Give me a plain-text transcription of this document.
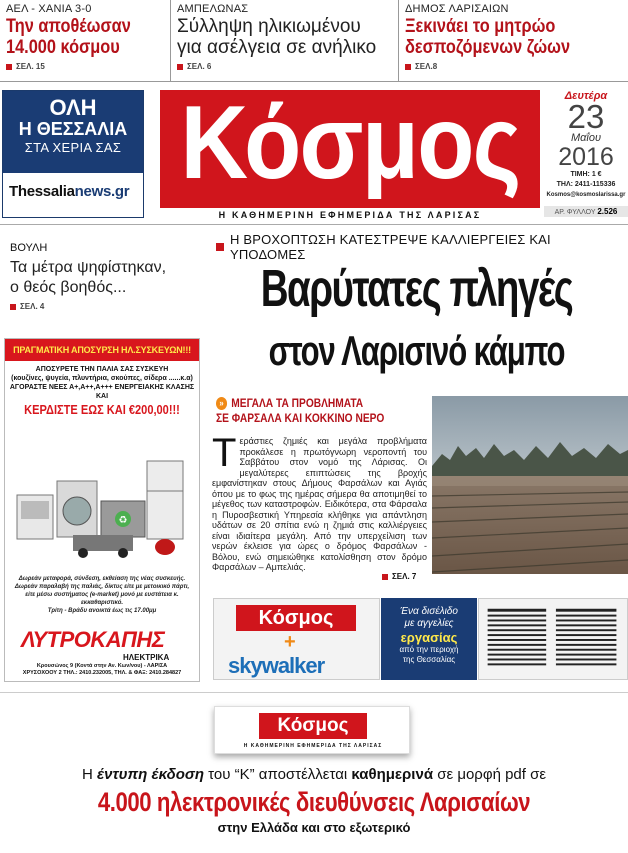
ΑΕΛ - ΧΑΝΙΑ 3-0
Την αποθέωσαν
14.000 κόσμου
ΣΕΛ. 15
ΑΜΠΕΛΩΝΑΣ
Σύλληψη ηλικιωμένου
για ασέλγεια σε ανήλικο
ΣΕΛ. 6
ΔΗΜΟΣ ΛΑΡΙΣΑΙΩΝ
Ξεκινάει το μητρώο
δεσποζόμενων ζώων
ΣΕΛ.8
ΟΛΗ
Η ΘΕΣΣΑΛΙΑ
ΣΤΑ ΧΕΡΙΑ ΣΑΣ
Thessalianews.gr Κόσμος
Η ΚΑΘΗΜΕΡΙΝΗ ΕΦΗΜΕΡΙΔΑ ΤΗΣ ΛΑΡΙΣΑΣ
Δευτέρα
23
Μαΐου
2016
ΤΙΜΗ: 1 €
ΤΗΛ: 2411-115336
Kosmos@kosmoslarissa.gr
ΑΡ. ΦΥΛΛΟΥ 2.526
ΒΟΥΛΗ
Τα μέτρα ψηφίστηκαν,
ο θεός βοηθός...
ΣΕΛ. 4
Η ΒΡΟΧΟΠΤΩΣΗ ΚΑΤΕΣΤΡΕΨΕ ΚΑΛΛΙΕΡΓΕΙΕΣ ΚΑΙ ΥΠΟΔΟΜΕΣ
Βαρύτατες πληγές
στον Λαρισινό κάμπο
» ΜΕΓΑΛΑ ΤΑ ΠΡΟΒΛΗΜΑΤΑ
ΣΕ ΦΑΡΣΑΛΑ ΚΑΙ ΚΟΚΚΙΝΟ ΝΕΡΟ
Τεράστιες ζημιές και μεγάλα προβλήματα προκάλεσε η πρωτόγνωρη νεροποντή του Σαββάτου στον νομό της Λάρισας. Οι μεγαλύτερες επιπτώσεις της βροχής εμφανίστηκαν στους Δήμους Φαρσάλων και Αγιάς όπου με το φως της ημέρας σήμερα θα αποτιμηθεί το μέγεθος των καταστροφών. Ειδικότερα, στα Φάρσαλα η Πυροσβεστική Υπηρεσία κλήθηκε για απάντληση υδάτων σε 20 σπίτια ενώ η ζημιά στις καλλιέργειες είναι ιδιαίτερα μεγάλη. Από την υπερχείλιση των νερών έκλεισε για ώρες ο δρόμος Φαρσάλων - Βόλου, ενώ σημειώθηκε κατολίσθηση στον δρόμο Φαρσάλων – Αμπελιάς.
ΣΕΛ. 7
ΠΡΑΓΜΑΤΙΚΗ ΑΠΟΣΥΡΣΗ ΗΛ.ΣΥΣΚΕΥΩΝ!!!
ΑΠΟΣΥΡΕΤΕ ΤΗΝ ΠΑΛΙΑ ΣΑΣ ΣΥΣΚΕΥΗ
(κουζίνες, ψυγεία, πλυντήρια, σκούπες, σίδερα ......κ.α)
ΑΓΟΡΑΣΤΕ ΝΕΕΣ Α+,Α++,Α+++ ΕΝΕΡΓΕΙΑΚΗΣ ΚΛΑΣΗΣ ΚΑΙ
ΚΕΡΔΙΣΤΕ ΕΩΣ ΚΑΙ €200,00!!!
♻
Δωρεάν μεταφορά, σύνδεση, εκθείαση της νέας συσκευής.
Δωρεάν παραλαβή της παλιάς, δίκτυς είτε με μετοικικό πάρτι,
είτε μέσω συστήματος (e-market) μονό με ευστάτεια κ. εκκαθαριστικό.
Τρίτη - Βράδυ ανοικτά έως τις 17.00μμ
ΛΥΤΡΟΚΑΠΗΣ
ΗΛΕΚΤΡΙΚΑ
Κρουσώνος 9 (Κοντά στην Αν. Κων/νου) - ΛΑΡΙΣΑ
ΧΡΥΣΟΧΟΟΥ 2 ΤΗΛ.: 2410.232005, ΤΗΛ. & ΦΑΞ: 2410.284827
Κόσμος
+
skywalker
Ένα δισέλιδο
με αγγελίες
εργασίας
από την περιοχή
της Θεσσαλίας
Κόσμος
Η ΚΑΘΗΜΕΡΙΝΗ ΕΦΗΜΕΡΙΔΑ ΤΗΣ ΛΑΡΙΣΑΣ
Η έντυπη έκδοση του “Κ” αποστέλλεται καθημερινά σε μορφή pdf σε
4.000 ηλεκτρονικές διευθύνσεις Λαρισαίων
στην Ελλάδα και στο εξωτερικό
